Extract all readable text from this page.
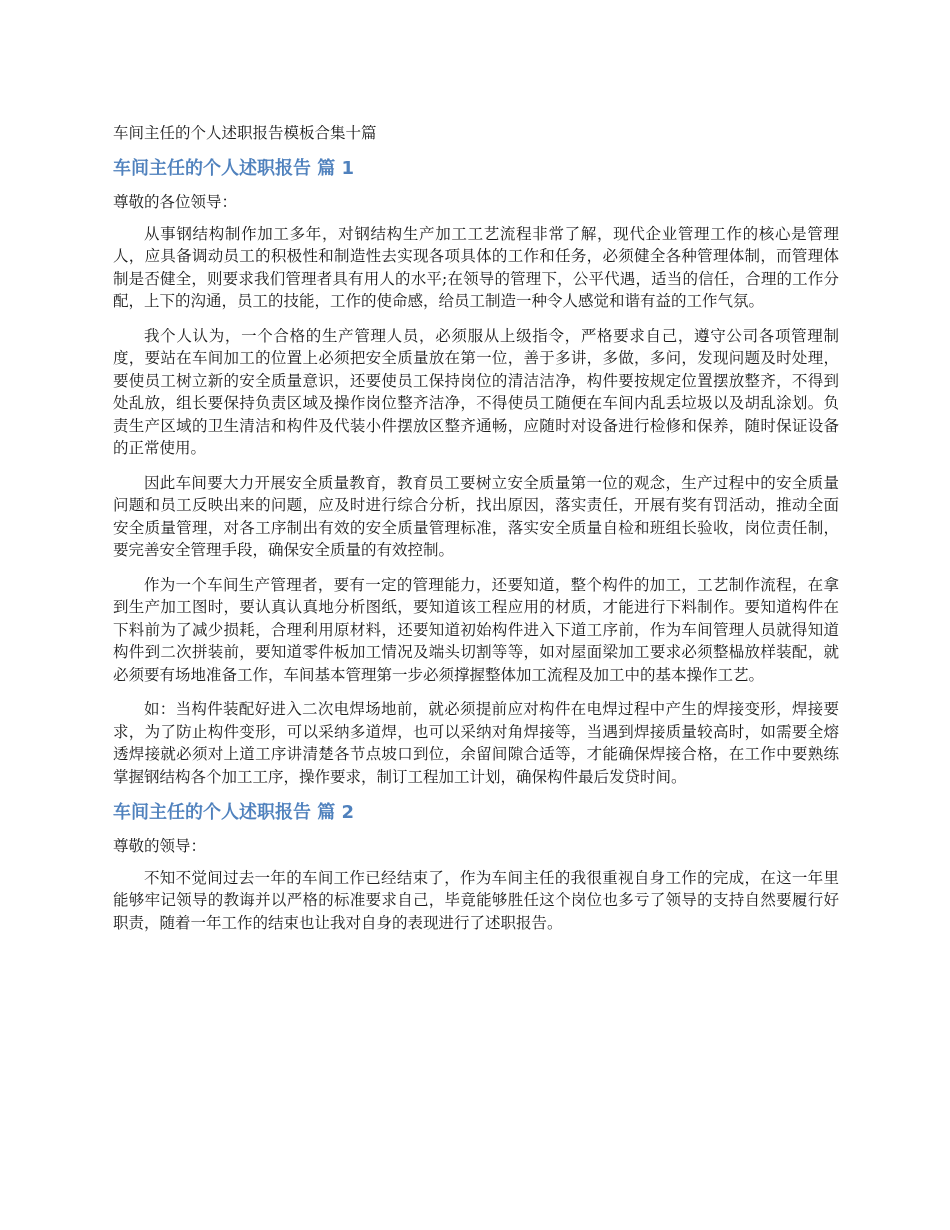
车间主任的个人述职报告模板合集十篇

车间主任的个人述职报告 篇 1

尊敬的各位领导：

从事钢结构制作加工多年，对钢结构生产加工工艺流程非常了解，现代企业管理工作的核心是管理人，应具备调动员工的积极性和制造性去实现各项具体的工作和任务，必须健全各种管理体制，而管理体制是否健全，则要求我们管理者具有用人的水平;在领导的管理下，公平代遇，适当的信任，合理的工作分配，上下的沟通，员工的技能，工作的使命感，给员工制造一种令人感觉和谐有益的工作气氛。

我个人认为，一个合格的生产管理人员，必须服从上级指令，严格要求自己，遵守公司各项管理制度，要站在车间加工的位置上必须把安全质量放在第一位，善于多讲，多做，多问，发现问题及时处理，要使员工树立新的安全质量意识，还要使员工保持岗位的清洁洁净，构件要按规定位置摆放整齐，不得到处乱放，组长要保持负责区域及操作岗位整齐洁净，不得使员工随便在车间内乱丢垃圾以及胡乱涂划。负责生产区域的卫生清洁和构件及代装小件摆放区整齐通畅，应随时对设备进行检修和保养，随时保证设备的正常使用。

因此车间要大力开展安全质量教育，教育员工要树立安全质量第一位的观念，生产过程中的安全质量问题和员工反映出来的问题，应及时进行综合分析，找出原因，落实责任，开展有奖有罚活动，推动全面安全质量管理，对各工序制出有效的安全质量管理标准，落实安全质量自检和班组长验收，岗位责任制，要完善安全管理手段，确保安全质量的有效控制。

作为一个车间生产管理者，要有一定的管理能力，还要知道，整个构件的加工，工艺制作流程，在拿到生产加工图时，要认真认真地分析图纸，要知道该工程应用的材质，才能进行下料制作。要知道构件在下料前为了减少损耗，合理利用原材料，还要知道初始构件进入下道工序前，作为车间管理人员就得知道构件到二次拼装前，要知道零件板加工情况及端头切割等等，如对屋面梁加工要求必须整榀放样装配，就必须要有场地准备工作，车间基本管理第一步必须撑握整体加工流程及加工中的基本操作工艺。

如：当构件装配好进入二次电焊场地前，就必须提前应对构件在电焊过程中产生的焊接变形，焊接要求，为了防止构件变形，可以采纳多道焊，也可以采纳对角焊接等，当遇到焊接质量较高时，如需要全熔透焊接就必须对上道工序讲清楚各节点坡口到位，余留间隙合适等，才能确保焊接合格，在工作中要熟练掌握钢结构各个加工工序，操作要求，制订工程加工计划，确保构件最后发贷时间。

车间主任的个人述职报告 篇 2

尊敬的领导：

不知不觉间过去一年的车间工作已经结束了，作为车间主任的我很重视自身工作的完成，在这一年里能够牢记领导的教诲并以严格的标准要求自己，毕竟能够胜任这个岗位也多亏了领导的支持自然要履行好职责，随着一年工作的结束也让我对自身的表现进行了述职报告。
